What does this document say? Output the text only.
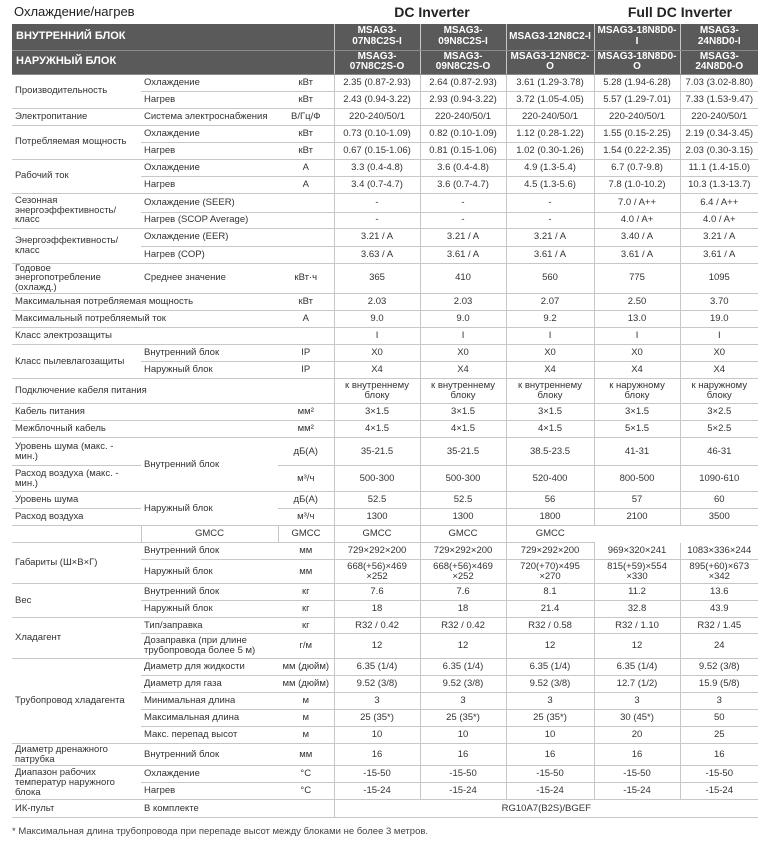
Охлаждение/нагрев	DC Inverter	Full DC Inverter
ВНУТРЕННИЙ БЛОК			MSAG3-07N8C2S-I	MSAG3-09N8C2S-I	MSAG3-12N8C2-I	MSAG3-18N8D0-I	MSAG3-24N8D0-I
НАРУЖНЫЙ БЛОК			MSAG3-07N8C2S-O	MSAG3-09N8C2S-O	MSAG3-12N8C2-O	MSAG3-18N8D0-O	MSAG3-24N8D0-O
Производительность	Охлаждение	кВт	2.35 (0.87-2.93)	2.64 (0.87-2.93)	3.61 (1.29-3.78)	5.28 (1.94-6.28)	7.03 (3.02-8.80)
	Нагрев	кВт	2.43 (0.94-3.22)	2.93 (0.94-3.22)	3.72 (1.05-4.05)	5.57 (1.29-7.01)	7.33 (1.53-9.47)
Электропитание	Система электроснабжения	В/Гц/Ф	220-240/50/1	220-240/50/1	220-240/50/1	220-240/50/1	220-240/50/1
Потребляемая мощность	Охлаждение	кВт	0.73 (0.10-1.09)	0.82 (0.10-1.09)	1.12 (0.28-1.22)	1.55 (0.15-2.25)	2.19 (0.34-3.45)
	Нагрев	кВт	0.67 (0.15-1.06)	0.81 (0.15-1.06)	1.02 (0.30-1.26)	1.54 (0.22-2.35)	2.03 (0.30-3.15)
Рабочий ток	Охлаждение	А	3.3 (0.4-4.8)	3.6 (0.4-4.8)	4.9 (1.3-5.4)	6.7 (0.7-9.8)	11.1 (1.4-15.0)
	Нагрев	А	3.4 (0.7-4.7)	3.6 (0.7-4.7)	4.5 (1.3-5.6)	7.8 (1.0-10.2)	10.3 (1.3-13.7)
Сезонная энергоэффективность/класс	Охлаждение (SEER)		-	-	-	7.0 / A++	6.4 / A++
	Нагрев (SCOP Average)		-	-	-	4.0 / A+	4.0 / A+
Энергоэффективность/класс	Охлаждение (EER)		3.21 / A	3.21 / A	3.21 / A	3.40 / A	3.21 / A
	Нагрев (COP)		3.63 / A	3.61 / A	3.61 / A	3.61 / A	3.61 / A
Годовое энергопотребление (охлажд.)	Среднее значение	кВт·ч	365	410	560	775	1095
Максимальная потребляемая мощность		кВт	2.03	2.03	2.07	2.50	3.70
Максимальный потребляемый ток		А	9.0	9.0	9.2	13.0	19.0
Класс электрозащиты			I	I	I	I	I
Класс пылевлагозащиты	Внутренний блок	IP	X0	X0	X0	X0	X0
	Наружный блок	IP	X4	X4	X4	X4	X4
Подключение кабеля питания			к внутреннему блоку	к внутреннему блоку	к внутреннему блоку	к наружному блоку	к наружному блоку
Кабель питания		мм²	3×1.5	3×1.5	3×1.5	3×1.5	3×2.5
Межблочный кабель		мм²	4×1.5	4×1.5	4×1.5	5×1.5	5×2.5
Уровень шума (макс. - мин.)	Внутренний блок	дБ(А)	35-21.5	35-21.5	38.5-23.5	41-31	46-31
Расход воздуха (макс. - мин.)		м³/ч	500-300	500-300	520-400	800-500	1090-610
Уровень шума	Наружный блок	дБ(А)	52.5	52.5	56	57	60
Расход воздуха		м³/ч	1300	1300	1800	2100	3500
	GMCC	GMCC	GMCC	GMCC	GMCC		
Габариты (Ш×В×Г)	Внутренний блок	мм	729×292×200	729×292×200	729×292×200	969×320×241	1083×336×244
	Наружный блок	мм	668(+56)×469 ×252	668(+56)×469 ×252	720(+70)×495 ×270	815(+59)×554 ×330	895(+60)×673 ×342
Вес	Внутренний блок	кг	7.6	7.6	8.1	11.2	13.6
	Наружный блок	кг	18	18	21.4	32.8	43.9
Хладагент	Тип/заправка	кг	R32 / 0.42	R32 / 0.42	R32 / 0.58	R32 / 1.10	R32 / 1.45
	Дозаправка (при длине трубопровода более 5 м)	г/м	12	12	12	12	24
Трубопровод хладагента	Диаметр для жидкости	мм (дюйм)	6.35 (1/4)	6.35 (1/4)	6.35 (1/4)	6.35 (1/4)	9.52 (3/8)
	Диаметр для газа	мм (дюйм)	9.52 (3/8)	9.52 (3/8)	9.52 (3/8)	12.7 (1/2)	15.9 (5/8)
	Минимальная длина	м	3	3	3	3	3
	Максимальная длина	м	25 (35*)	25 (35*)	25 (35*)	30 (45*)	50
	Макс. перепад высот	м	10	10	10	20	25
Диаметр дренажного патрубка	Внутренний блок	мм	16	16	16	16	16
Диапазон рабочих температур наружного блока	Охлаждение	°C	-15-50	-15-50	-15-50	-15-50	-15-50
	Нагрев	°C	-15-24	-15-24	-15-24	-15-24	-15-24
ИК-пульт	В комплекте		RG10A7(B2S)/BGEF				
* Максимальная длина трубопровода при перепаде высот между блоками не более 3 метров.
